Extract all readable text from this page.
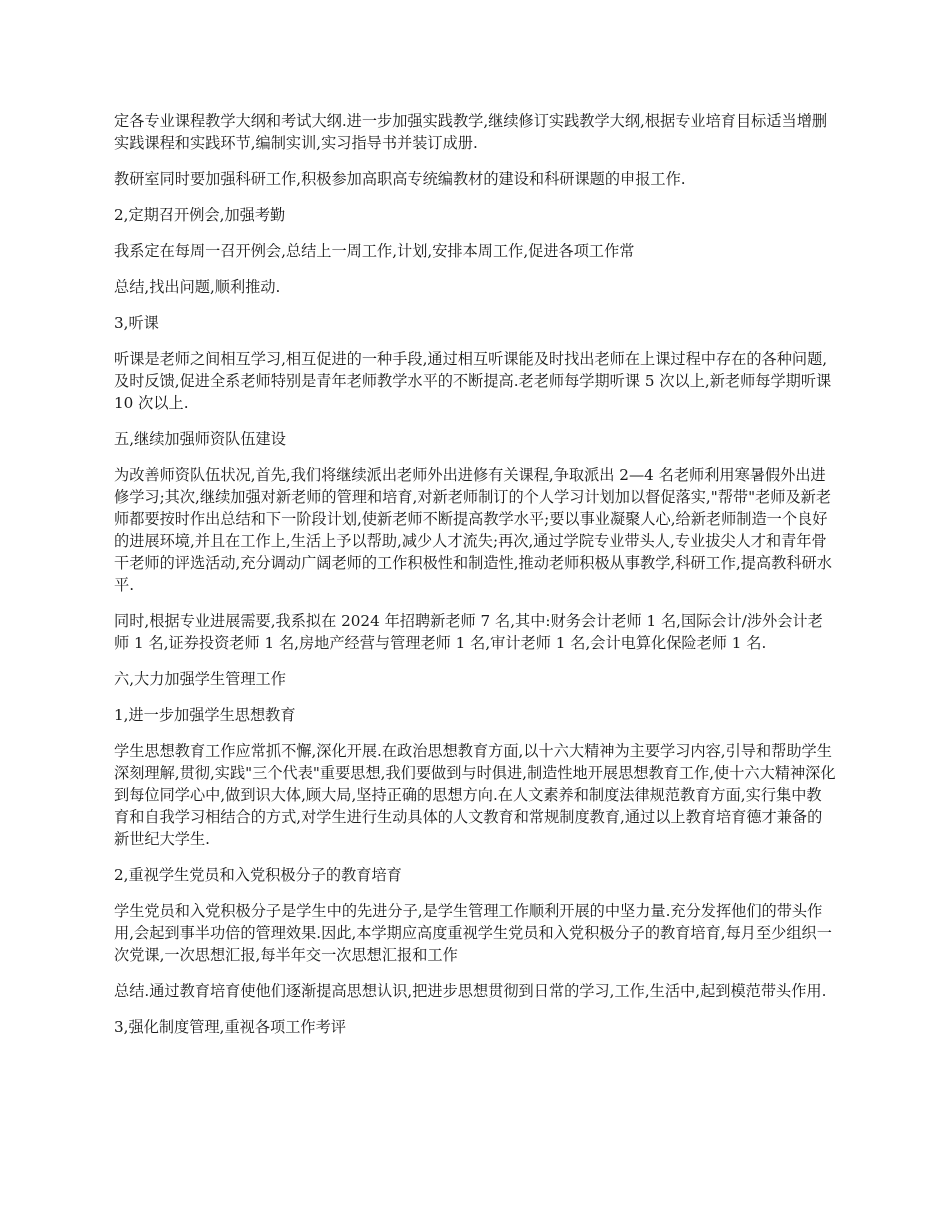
定各专业课程教学大纲和考试大纲.进一步加强实践教学,继续修订实践教学大纲,根据专业培育目标适当增删实践课程和实践环节,编制实训,实习指导书并装订成册.

教研室同时要加强科研工作,积极参加高职高专统编教材的建设和科研课题的申报工作.

2,定期召开例会,加强考勤

我系定在每周一召开例会,总结上一周工作,计划,安排本周工作,促进各项工作常

总结,找出问题,顺利推动.

3,听课

听课是老师之间相互学习,相互促进的一种手段,通过相互听课能及时找出老师在上课过程中存在的各种问题,及时反馈,促进全系老师特别是青年老师教学水平的不断提高.老老师每学期听课 5 次以上,新老师每学期听课 10 次以上.

五,继续加强师资队伍建设

为改善师资队伍状况,首先,我们将继续派出老师外出进修有关课程,争取派出 2—4 名老师利用寒暑假外出进修学习;其次,继续加强对新老师的管理和培育,对新老师制订的个人学习计划加以督促落实,"帮带"老师及新老师都要按时作出总结和下一阶段计划,使新老师不断提高教学水平;要以事业凝聚人心,给新老师制造一个良好的进展环境,并且在工作上,生活上予以帮助,减少人才流失;再次,通过学院专业带头人,专业拔尖人才和青年骨干老师的评选活动,充分调动广阔老师的工作积极性和制造性,推动老师积极从事教学,科研工作,提高教科研水平.

同时,根据专业进展需要,我系拟在 2024 年招聘新老师 7 名,其中:财务会计老师 1 名,国际会计/涉外会计老师 1 名,证券投资老师 1 名,房地产经营与管理老师 1 名,审计老师 1 名,会计电算化保险老师 1 名.

六,大力加强学生管理工作

1,进一步加强学生思想教育

学生思想教育工作应常抓不懈,深化开展.在政治思想教育方面,以十六大精神为主要学习内容,引导和帮助学生深刻理解,贯彻,实践"三个代表"重要思想,我们要做到与时俱进,制造性地开展思想教育工作,使十六大精神深化到每位同学心中,做到识大体,顾大局,坚持正确的思想方向.在人文素养和制度法律规范教育方面,实行集中教育和自我学习相结合的方式,对学生进行生动具体的人文教育和常规制度教育,通过以上教育培育德才兼备的新世纪大学生.

2,重视学生党员和入党积极分子的教育培育

学生党员和入党积极分子是学生中的先进分子,是学生管理工作顺利开展的中坚力量.充分发挥他们的带头作用,会起到事半功倍的管理效果.因此,本学期应高度重视学生党员和入党积极分子的教育培育,每月至少组织一次党课,一次思想汇报,每半年交一次思想汇报和工作

总结.通过教育培育使他们逐渐提高思想认识,把进步思想贯彻到日常的学习,工作,生活中,起到模范带头作用.

3,强化制度管理,重视各项工作考评
